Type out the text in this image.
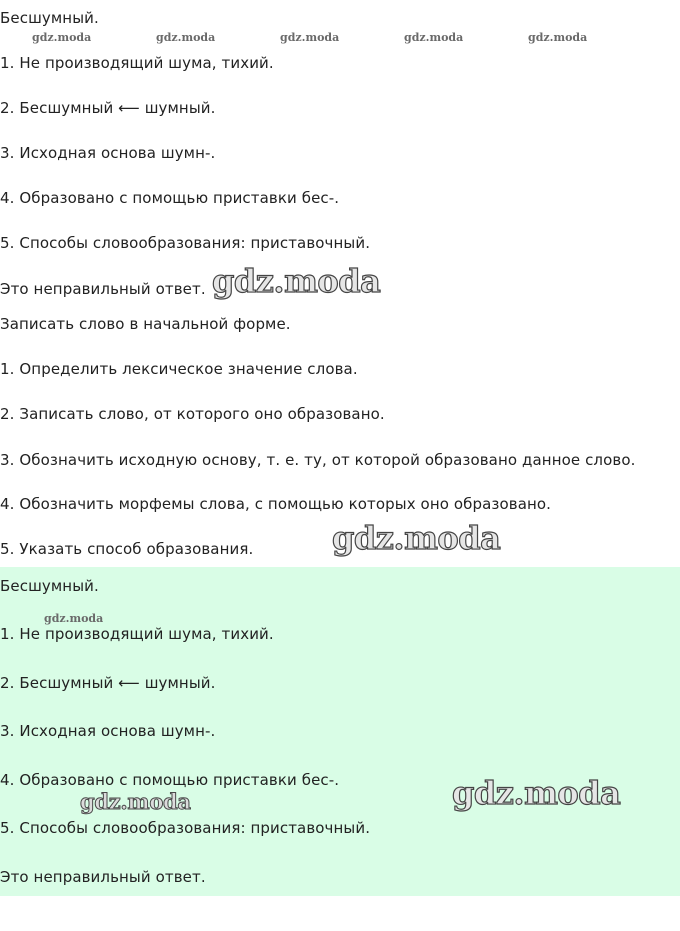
Бесшумный.
1. Не производящий шума, тихий.
2. Бесшумный ⟵ шумный.
3. Исходная основа шумн-.
4. Образовано с помощью приставки бес-.
5. Способы словообразования: приставочный.
Это неправильный ответ.
Записать слово в начальной форме.
1. Определить лексическое значение слова.
2. Записать слово, от которого оно образовано.
3. Обозначить исходную основу, т. е. ту, от которой образовано данное слово.
4. Обозначить морфемы слова, с помощью которых оно образовано.
5. Указать способ образования.
Бесшумный.
1. Не производящий шума, тихий.
2. Бесшумный ⟵ шумный.
3. Исходная основа шумн-.
4. Образовано с помощью приставки бес-.
5. Способы словообразования: приставочный.
Это неправильный ответ.
gdz.moda	gdz.moda	gdz.moda	gdz.moda	gdz.moda
gdz.moda
gdz.moda
gdz.moda
gdz.moda	gdz.moda
